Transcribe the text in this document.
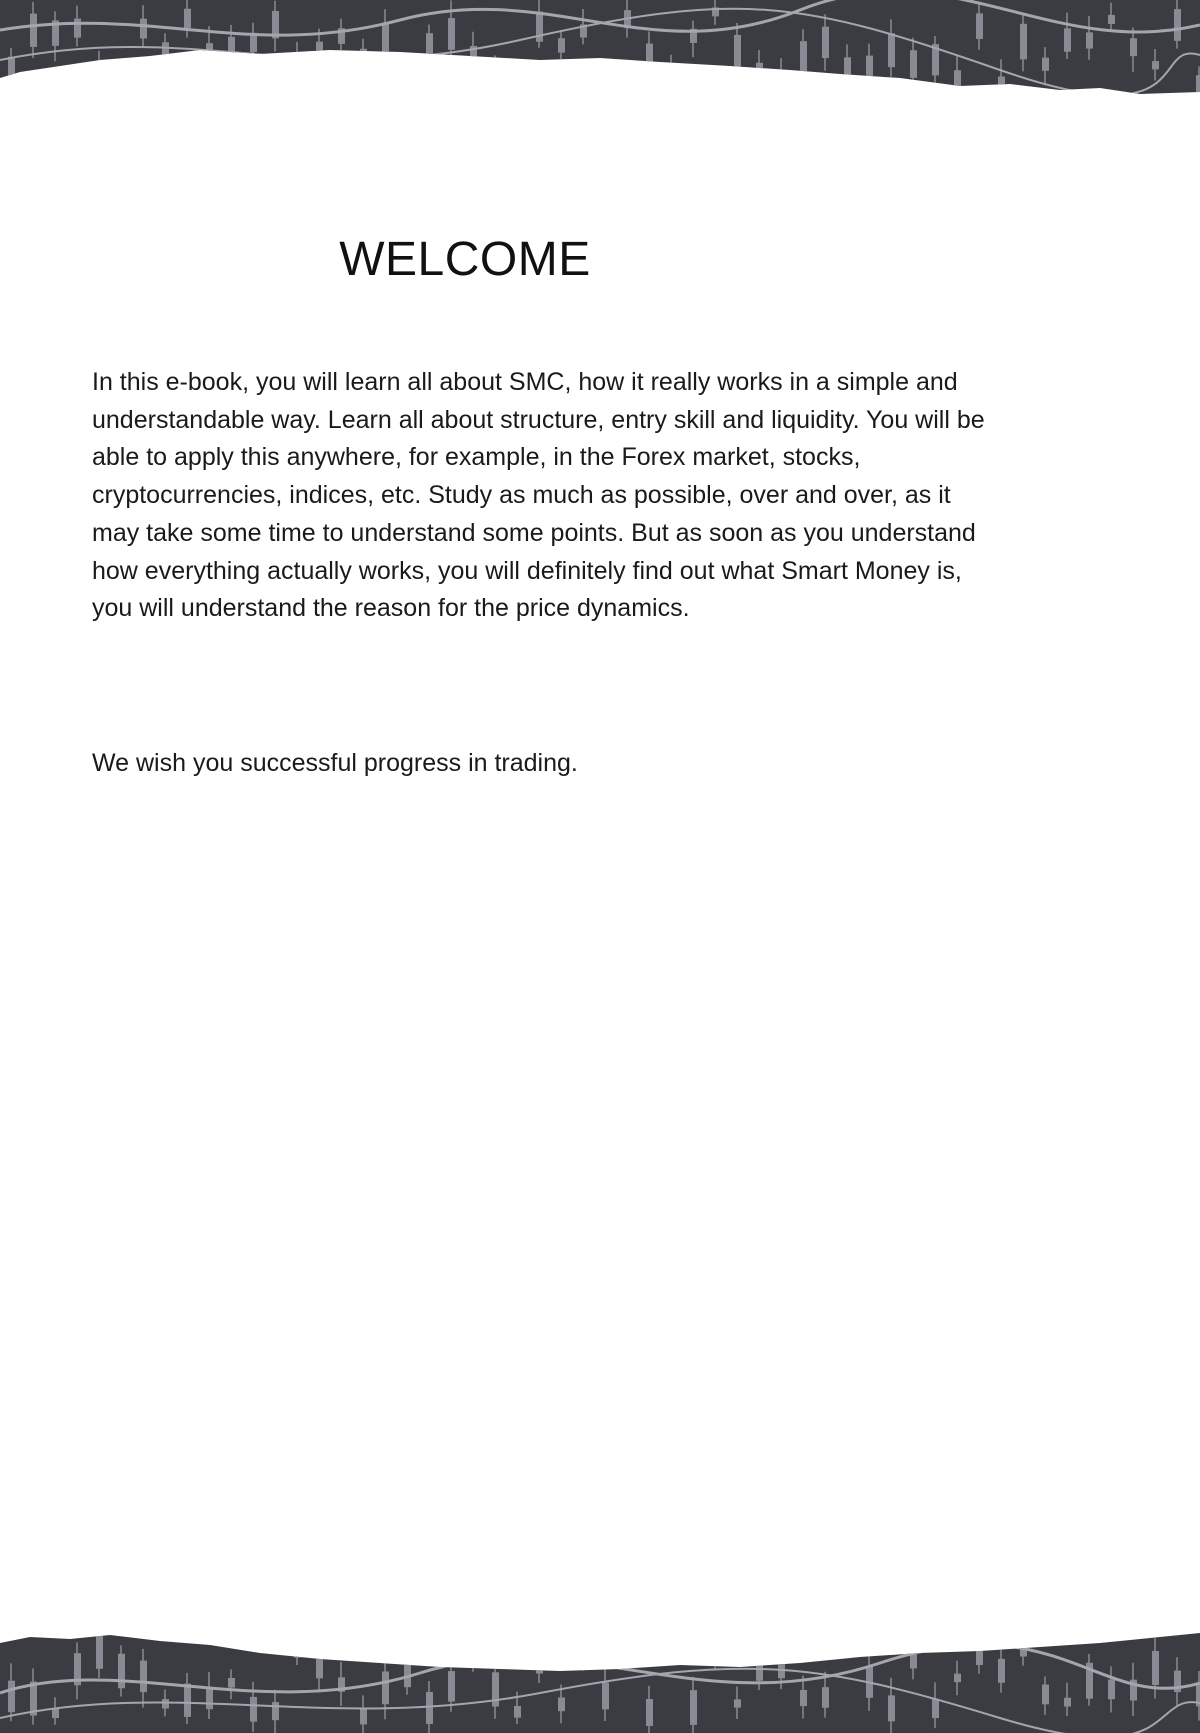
WELCOME

In this e-book, you will learn all about SMC, how it really works in a simple and understandable way. Learn all about structure, entry skill and liquidity. You will be able to apply this anywhere, for example, in the Forex market, stocks, cryptocurrencies, indices, etc. Study as much as possible, over and over, as it may take some time to understand some points. But as soon as you understand how everything actually works, you will definitely find out what Smart Money is, you will understand the reason for the price dynamics.

We wish you successful progress in trading.
